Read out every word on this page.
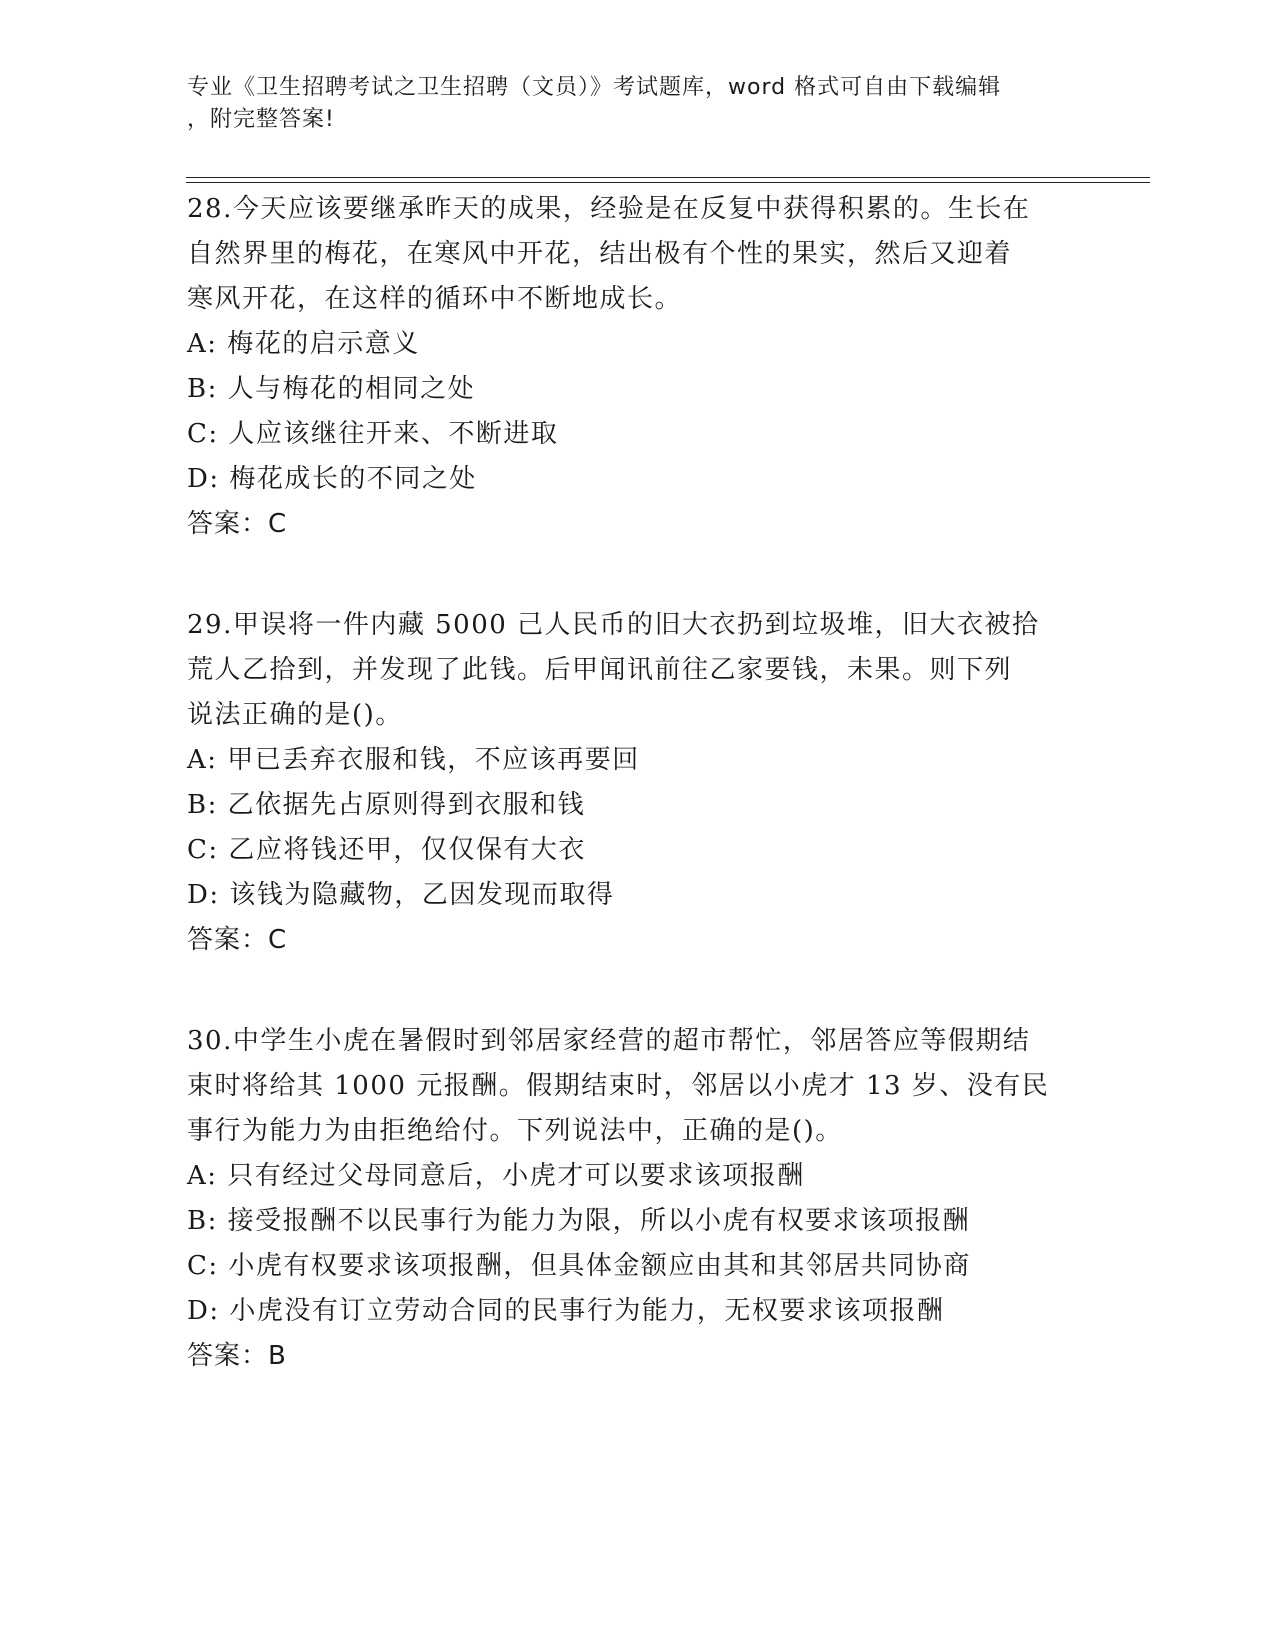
专业《卫生招聘考试之卫生招聘（文员）》考试题库，word 格式可自由下载编辑
，附完整答案!
28.今天应该要继承昨天的成果，经验是在反复中获得积累的。生长在
自然界里的梅花，在寒风中开花，结出极有个性的果实，然后又迎着
寒风开花，在这样的循环中不断地成长。
A: 梅花的启示意义
B: 人与梅花的相同之处
C: 人应该继往开来、不断进取
D: 梅花成长的不同之处
答案：C
29.甲误将一件内藏 5000 己人民币的旧大衣扔到垃圾堆，旧大衣被拾
荒人乙拾到，并发现了此钱。后甲闻讯前往乙家要钱，未果。则下列
说法正确的是()。
A: 甲已丢弃衣服和钱，不应该再要回
B: 乙依据先占原则得到衣服和钱
C: 乙应将钱还甲，仅仅保有大衣
D: 该钱为隐藏物，乙因发现而取得
答案：C
30.中学生小虎在暑假时到邻居家经营的超市帮忙，邻居答应等假期结
束时将给其 1000 元报酬。假期结束时，邻居以小虎才 13 岁、没有民
事行为能力为由拒绝给付。下列说法中，正确的是()。
A: 只有经过父母同意后，小虎才可以要求该项报酬
B: 接受报酬不以民事行为能力为限，所以小虎有权要求该项报酬
C: 小虎有权要求该项报酬，但具体金额应由其和其邻居共同协商
D: 小虎没有订立劳动合同的民事行为能力，无权要求该项报酬
答案：B
